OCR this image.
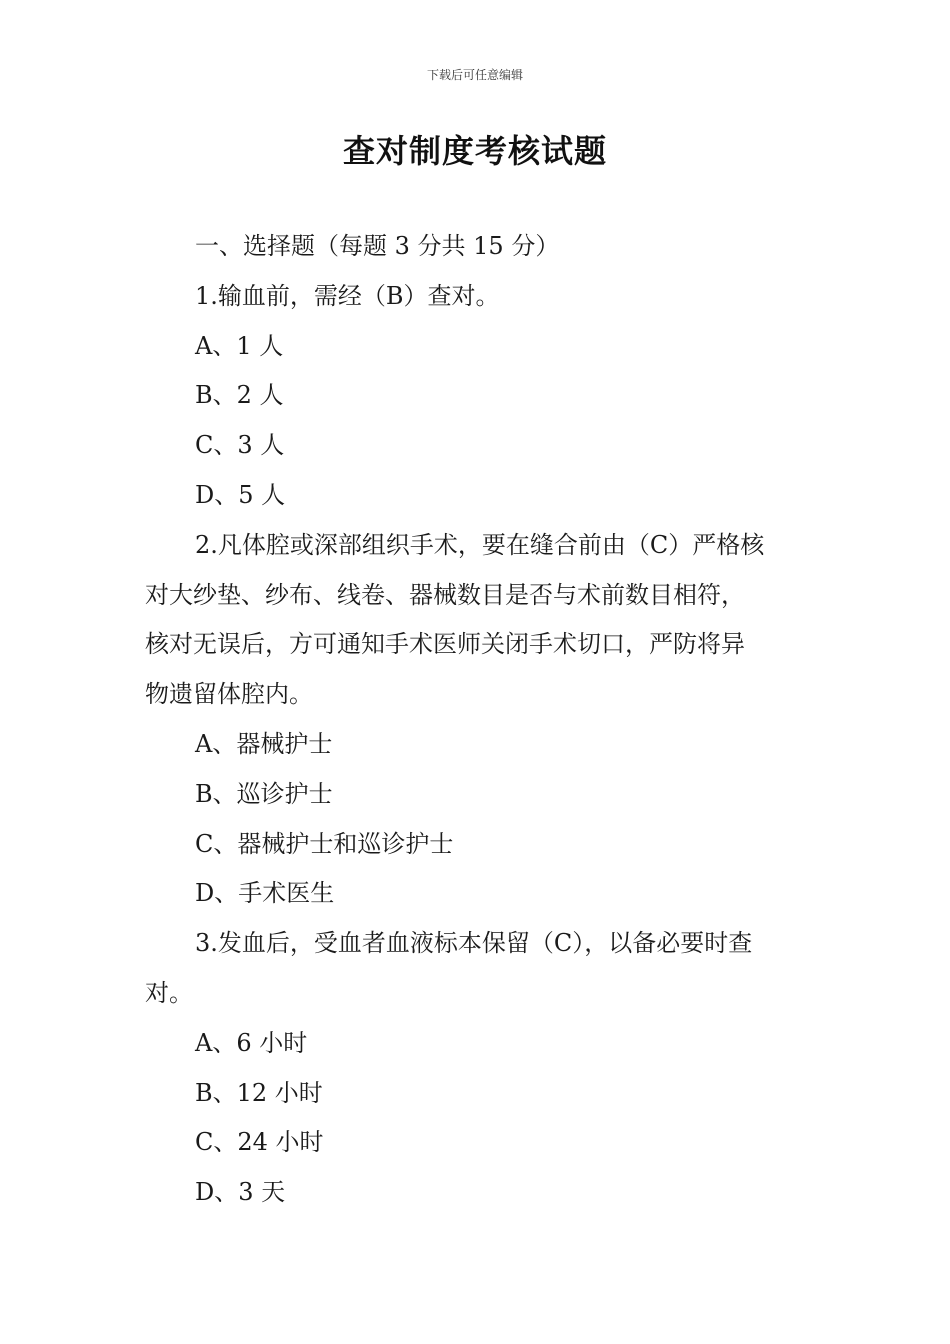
下载后可任意编辑
查对制度考核试题

一、选择题（每题 3 分共 15 分）

1.输血前，需经（B）查对。

A、1 人

B、2 人

C、3 人

D、5 人

2.凡体腔或深部组织手术，要在缝合前由（C）严格核

对大纱垫、纱布、线卷、器械数目是否与术前数目相符，

核对无误后，方可通知手术医师关闭手术切口，严防将异

物遗留体腔内。

A、器械护士

B、巡诊护士

C、器械护士和巡诊护士

D、手术医生

3.发血后，受血者血液标本保留（C），以备必要时查

对。

A、6 小时

B、12 小时

C、24 小时

D、3 天
